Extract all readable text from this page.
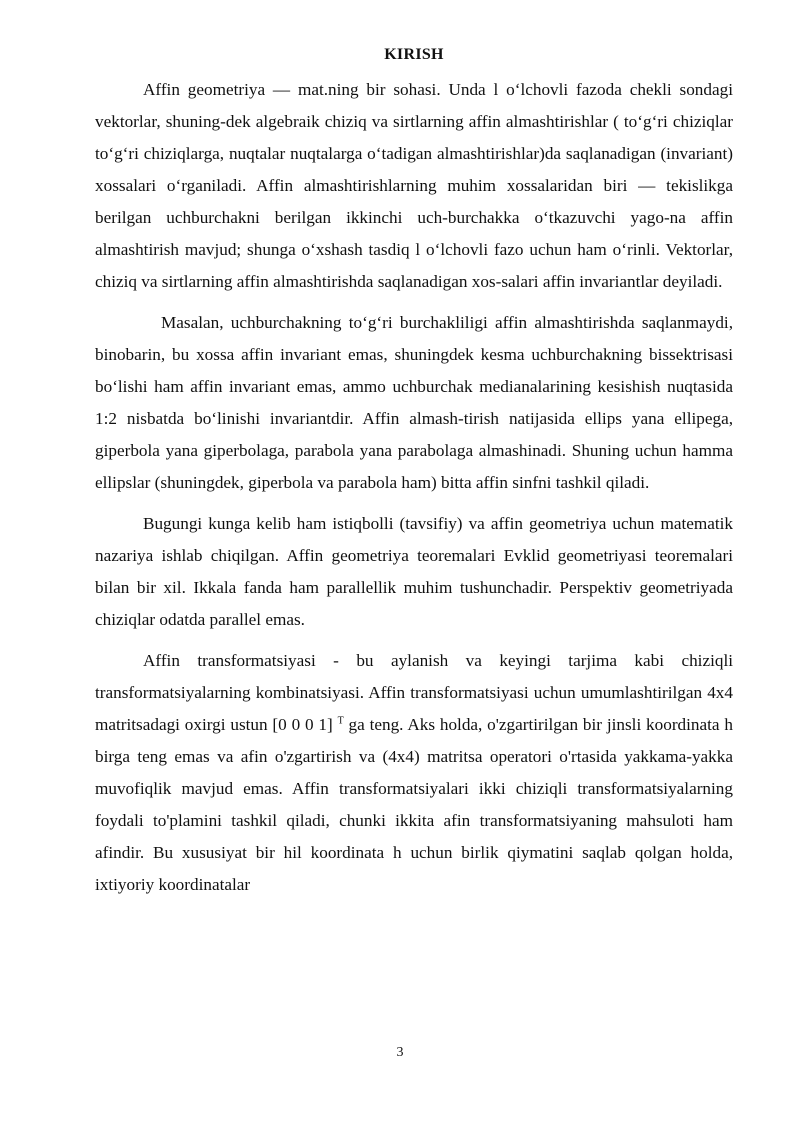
KIRISH

Affin geometriya — mat.ning bir sohasi. Unda l o‘lchovli fazoda chekli sondagi vektorlar, shuning-dek algebraik chiziq va sirtlarning affin almashtirishlar ( to‘g‘ri chiziqlar to‘g‘ri chiziqlarga, nuqtalar nuqtalarga o‘tadigan almashtirishlar)da saqlanadigan (invariant) xossalari o‘rganiladi. Affin almashtirishlarning muhim xossalaridan biri — tekislikga berilgan uchburchakni berilgan ikkinchi uch-burchakka o‘tkazuvchi yago-na affin almashtirish mavjud; shunga o‘xshash tasdiq l o‘lchovli fazo uchun ham o‘rinli. Vektorlar, chiziq va sirtlarning affin almashtirishda saqlanadigan xos-salari affin invariantlar deyiladi.

Masalan, uchburchakning to‘g‘ri burchakliligi affin almashtirishda saqlanmaydi, binobarin, bu xossa affin invariant emas, shuningdek kesma uchburchakning bissektrisasi bo‘lishi ham affin invariant emas, ammo uchburchak medianalarining kesishish nuqtasida 1:2 nisbatda bo‘linishi invariantdir. Affin almash-tirish natijasida ellips yana ellipega, giperbola yana giperbolaga, parabola yana parabolaga almashinadi. Shuning uchun hamma ellipslar (shuningdek, giperbola va parabola ham) bitta affin sinfni tashkil qiladi.

Bugungi kunga kelib ham istiqbolli (tavsifiy) va affin geometriya uchun matematik nazariya ishlab chiqilgan. Affin geometriya teoremalari Evklid geometriyasi teoremalari bilan bir xil. Ikkala fanda ham parallellik muhim tushunchadir. Perspektiv geometriyada chiziqlar odatda parallel emas.

Affin transformatsiyasi - bu aylanish va keyingi tarjima kabi chiziqli transformatsiyalarning kombinatsiyasi. Affin transformatsiyasi uchun umumlashtirilgan 4x4 matritsadagi oxirgi ustun [0 0 0 1] $^T$ ga teng. Aks holda, o'zgartirilgan bir jinsli koordinata h birga teng emas va afin o'zgartirish va (4x4) matritsa operatori o'rtasida yakkama-yakka muvofiqlik mavjud emas. Affin transformatsiyalari ikki chiziqli transformatsiyalarning foydali to'plamini tashkil qiladi, chunki ikkita afin transformatsiyaning mahsuloti ham afindir. Bu xususiyat bir hil koordinata h uchun birlik qiymatini saqlab qolgan holda, ixtiyoriy koordinatalar

3
